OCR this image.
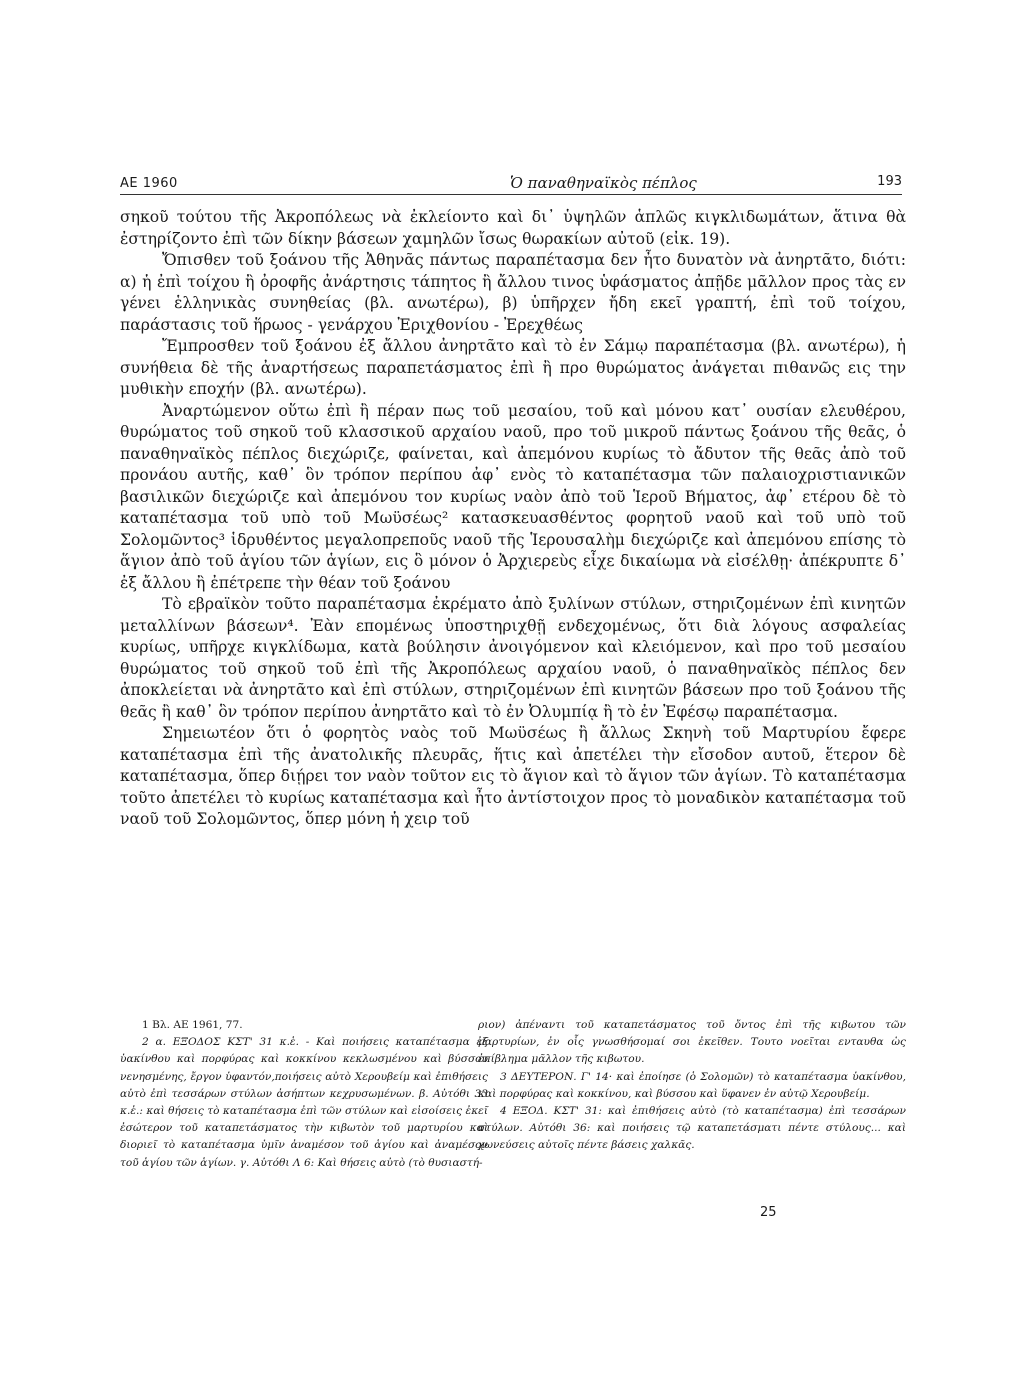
ΑΕ 1960	Ὁ παναθηναϊκὸς πέπλος	193

σηκοῦ τούτου τῆς Ἀκροπόλεως νὰ ἐκλείοντο καὶ δι᾿ ὑψηλῶν ἁπλῶς κιγκλιδωμάτων, ἅτινα θὰ ἐστηρίζοντο ἐπὶ τῶν δίκην βάσεων χαμηλῶν ἴσως θωρακίων αὐτοῦ (εἰκ. 19).

Ὄπισθεν τοῦ ξοάνου τῆς Ἀθηνᾶς πάντως παραπέτασμα δεν ἦτο δυνατὸν νὰ ἀνηρτᾶτο, διότι: α) ἡ ἐπὶ τοίχου ἢ ὀροφῆς ἀνάρτησις τάπητος ἢ ἄλλου τινος ὑφάσματος ἀπῇδε μᾶλλον προς τὰς εν γένει ἑλληνικὰς συνηθείας (βλ. ανωτέρω), β) ὑπῆρχεν ἤδη εκεῖ γραπτή, ἐπὶ τοῦ τοίχου, παράστασις τοῦ ἥρωος - γενάρχου Ἐριχθονίου - Ἐρεχθέως

Ἔμπροσθεν τοῦ ξοάνου ἐξ ἄλλου ἀνηρτᾶτο καὶ τὸ ἐν Σάμῳ παραπέτασμα (βλ. ανωτέρω), ἡ συνήθεια δὲ τῆς ἀναρτήσεως παραπετάσματος ἐπὶ ἢ προ θυρώματος ἀνάγεται πιθανῶς εις την μυθικὴν εποχήν (βλ. ανωτέρω).

Ἀναρτώμενον οὕτω ἐπὶ ἢ πέραν πως τοῦ μεσαίου, τοῦ καὶ μόνου κατ᾿ ουσίαν ελευθέρου, θυρώματος τοῦ σηκοῦ τοῦ κλασσικοῦ αρχαίου ναοῦ, προ τοῦ μικροῦ πάντως ξοάνου τῆς θεᾶς, ὁ παναθηναϊκὸς πέπλος διεχώριζε, φαίνεται, καὶ ἀπεμόνου κυρίως τὸ ἄδυτον τῆς θεᾶς ἀπὸ τοῦ προνάου αυτῆς, καθ᾿ ὃν τρόπον περίπου ἀφ᾿ ενὸς τὸ καταπέτασμα τῶν παλαιοχριστιανικῶν βασιλικῶν διεχώριζε καὶ ἀπεμόνου τον κυρίως ναὸν ἀπὸ τοῦ Ἱεροῦ Βήματος, ἀφ᾿ ετέρου δὲ τὸ καταπέτασμα τοῦ υπὸ τοῦ Μωϋσέως² κατασκευασθέντος φορητοῦ ναοῦ καὶ τοῦ υπὸ τοῦ Σολομῶντος³ ἱδρυθέντος μεγαλοπρεποῦς ναοῦ τῆς Ἱερουσαλὴμ διεχώριζε καὶ ἀπεμόνου επίσης τὸ ἅγιον ἀπὸ τοῦ ἁγίου τῶν ἁγίων, εις ὃ μόνον ὁ Ἀρχιερεὺς εἶχε δικαίωμα νὰ εἰσέλθῃ· ἀπέκρυπτε δ᾿ ἐξ ἄλλου ἢ ἐπέτρεπε τὴν θέαν τοῦ ξοάνου

Τὸ εβραϊκὸν τοῦτο παραπέτασμα ἐκρέματο ἀπὸ ξυλίνων στύλων, στηριζομένων ἐπὶ κινητῶν μεταλλίνων βάσεων⁴. Ἐὰν επομένως ὑποστηριχθῇ ενδεχομένως, ὅτι διὰ λόγους ασφαλείας κυρίως, υπῆρχε κιγκλίδωμα, κατὰ βούλησιν ἀνοιγόμενον καὶ κλειόμενον, καὶ προ τοῦ μεσαίου θυρώματος τοῦ σηκοῦ τοῦ ἐπὶ τῆς Ἀκροπόλεως αρχαίου ναοῦ, ὁ παναθηναϊκὸς πέπλος δεν ἀποκλείεται νὰ ἀνηρτᾶτο καὶ ἐπὶ στύλων, στηριζομένων ἐπὶ κινητῶν βάσεων προ τοῦ ξοάνου τῆς θεᾶς ἢ καθ᾿ ὃν τρόπον περίπου ἀνηρτᾶτο καὶ τὸ ἐν Ὀλυμπίᾳ ἢ τὸ ἐν Ἐφέσῳ παραπέτασμα.

Σημειωτέον ὅτι ὁ φορητὸς ναὸς τοῦ Μωϋσέως ἢ ἄλλως Σκηνὴ τοῦ Μαρτυρίου ἔφερε καταπέτασμα ἐπὶ τῆς ἀνατολικῆς πλευρᾶς, ἥτις καὶ ἀπετέλει τὴν εἴσοδον αυτοῦ, ἕτερον δὲ καταπέτασμα, ὅπερ διῄρει τον ναὸν τοῦτον εις τὸ ἅγιον καὶ τὸ ἅγιον τῶν ἁγίων. Τὸ καταπέτασμα τοῦτο ἀπετέλει τὸ κυρίως καταπέτασμα καὶ ἦτο ἀντίστοιχον προς τὸ μοναδικὸν καταπέτασμα τοῦ ναοῦ τοῦ Σολομῶντος, ὅπερ μόνη ἡ χειρ τοῦ

1 Βλ. ΑΕ 1961, 77.

2 α. ΕΞΟΔΟΣ ΚΣΤ' 31 κ.ἑ. - Καὶ ποιήσεις καταπέτασμα ἐξ ὑακίνθου καὶ πορφύρας καὶ κοκκίνου κεκλωσμένου καὶ βύσσου νενησμένης, ἔργον ὑφαντόν,ποιήσεις αὐτὸ Χερουβείμ καὶ ἐπιθήσεις αὐτὸ ἐπὶ τεσσάρων στύλων ἀσήπτων κεχρυσωμένων. β. Αὐτόθι 33 κ.ἑ.: καὶ θήσεις τὸ καταπέτασμα ἐπὶ τῶν στύλων καὶ εἰσοίσεις ἐκεῖ ἐσώτερον τοῦ καταπετάσματος τὴν κιβωτὸν τοῦ μαρτυρίου καὶ διοριεῖ τὸ καταπέτασμα ὑμῖν ἀναμέσον τοῦ ἁγίου καὶ ἀναμέσον τοῦ ἁγίου τῶν ἁγίων. γ. Αὐτόθι Λ 6: Καὶ θήσεις αὐτὸ (τὸ θυσιαστή-

ριον) ἀπέναντι τοῦ καταπετάσματος τοῦ ὄντος ἐπὶ τῆς κιβωτου τῶν μαρτυρίων, ἐν οἷς γνωσθήσομαί σοι ἐκεῖθεν. Τουτο νοεῖται ενταυθα ὡς ἐπίβλημα μᾶλλον τῆς κιβωτου.

3 ΔΕΥΤΕΡΟΝ. Γ' 14· καὶ ἐποίησε (ὁ Σολομῶν) τὸ καταπέτασμα ὑακίνθου, καὶ πορφύρας καὶ κοκκίνου, καὶ βύσσου καὶ ὕφανεν ἐν αὐτῷ Χερουβείμ.

4 ΕΞΟΔ. ΚΣΤ' 31: καὶ ἐπιθήσεις αὐτὸ (τὸ καταπέτασμα) ἐπὶ τεσσάρων στύλων. Αὐτόθι 36: καὶ ποιήσεις τῷ καταπετάσματι πέντε στύλους... καὶ χωνεύσεις αὐτοῖς πέντε βάσεις χαλκᾶς.

25
